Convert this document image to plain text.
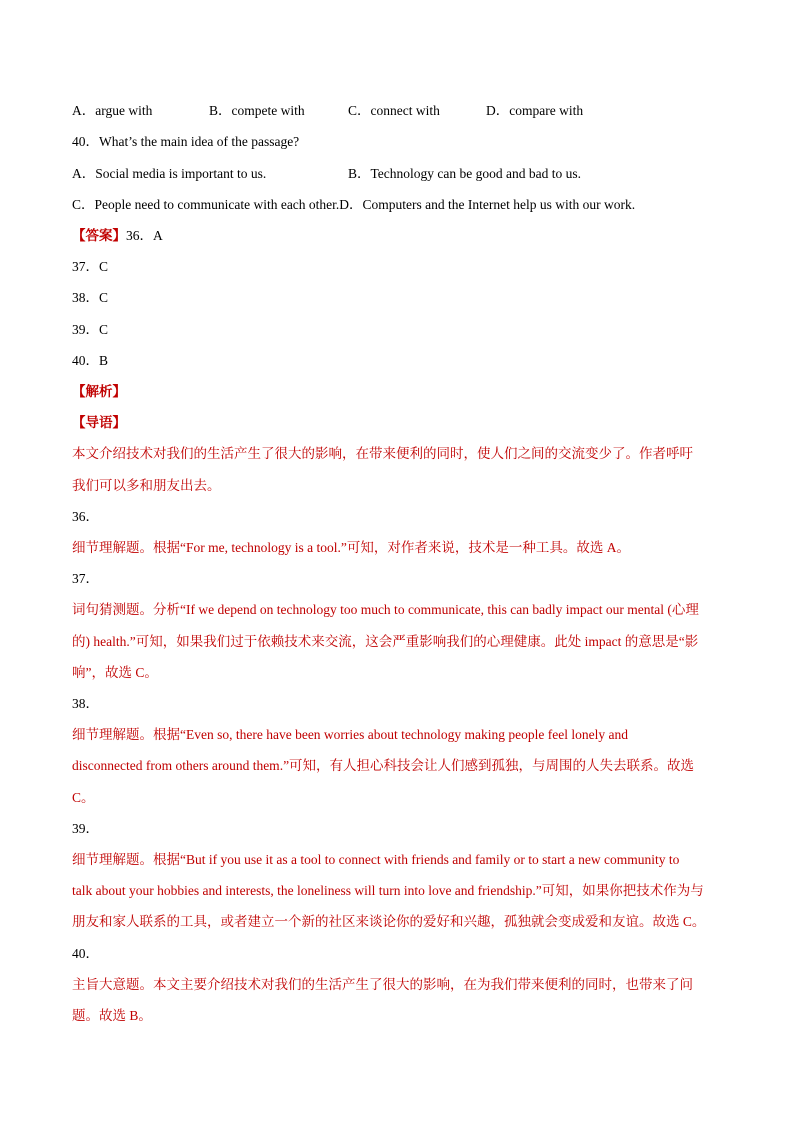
A．argue with	B．compete with	C．connect with	D．compare with
40．What’s the main idea of the passage?
A．Social media is important to us.	B．Technology can be good and bad to us.
C．People need to communicate with each other.D．Computers and the Internet help us with our work.
【答案】36．A
37．C
38．C
39．C
40．B
【解析】
【导语】
本文介绍技术对我们的生活产生了很大的影响，在带来便利的同时，使人们之间的交流变少了。作者呼吁
我们可以多和朋友出去。
36．
细节理解题。根据“For me, technology is a tool.”可知，对作者来说，技术是一种工具。故选 A。
37．
词句猜测题。分析“If we depend on technology too much to communicate, this can badly impact our mental (心理
的) health.”可知，如果我们过于依赖技术来交流，这会严重影响我们的心理健康。此处 impact 的意思是“影
响”，故选 C。
38．
细节理解题。根据“Even so, there have been worries about technology making people feel lonely and
disconnected from others around them.”可知，有人担心科技会让人们感到孤独，与周围的人失去联系。故选
C。
39．
细节理解题。根据“But if you use it as a tool to connect with friends and family or to start a new community to
talk about your hobbies and interests, the loneliness will turn into love and friendship.”可知，如果你把技术作为与
朋友和家人联系的工具，或者建立一个新的社区来谈论你的爱好和兴趣，孤独就会变成爱和友谊。故选 C。
40．
主旨大意题。本文主要介绍技术对我们的生活产生了很大的影响，在为我们带来便利的同时，也带来了问
题。故选 B。
